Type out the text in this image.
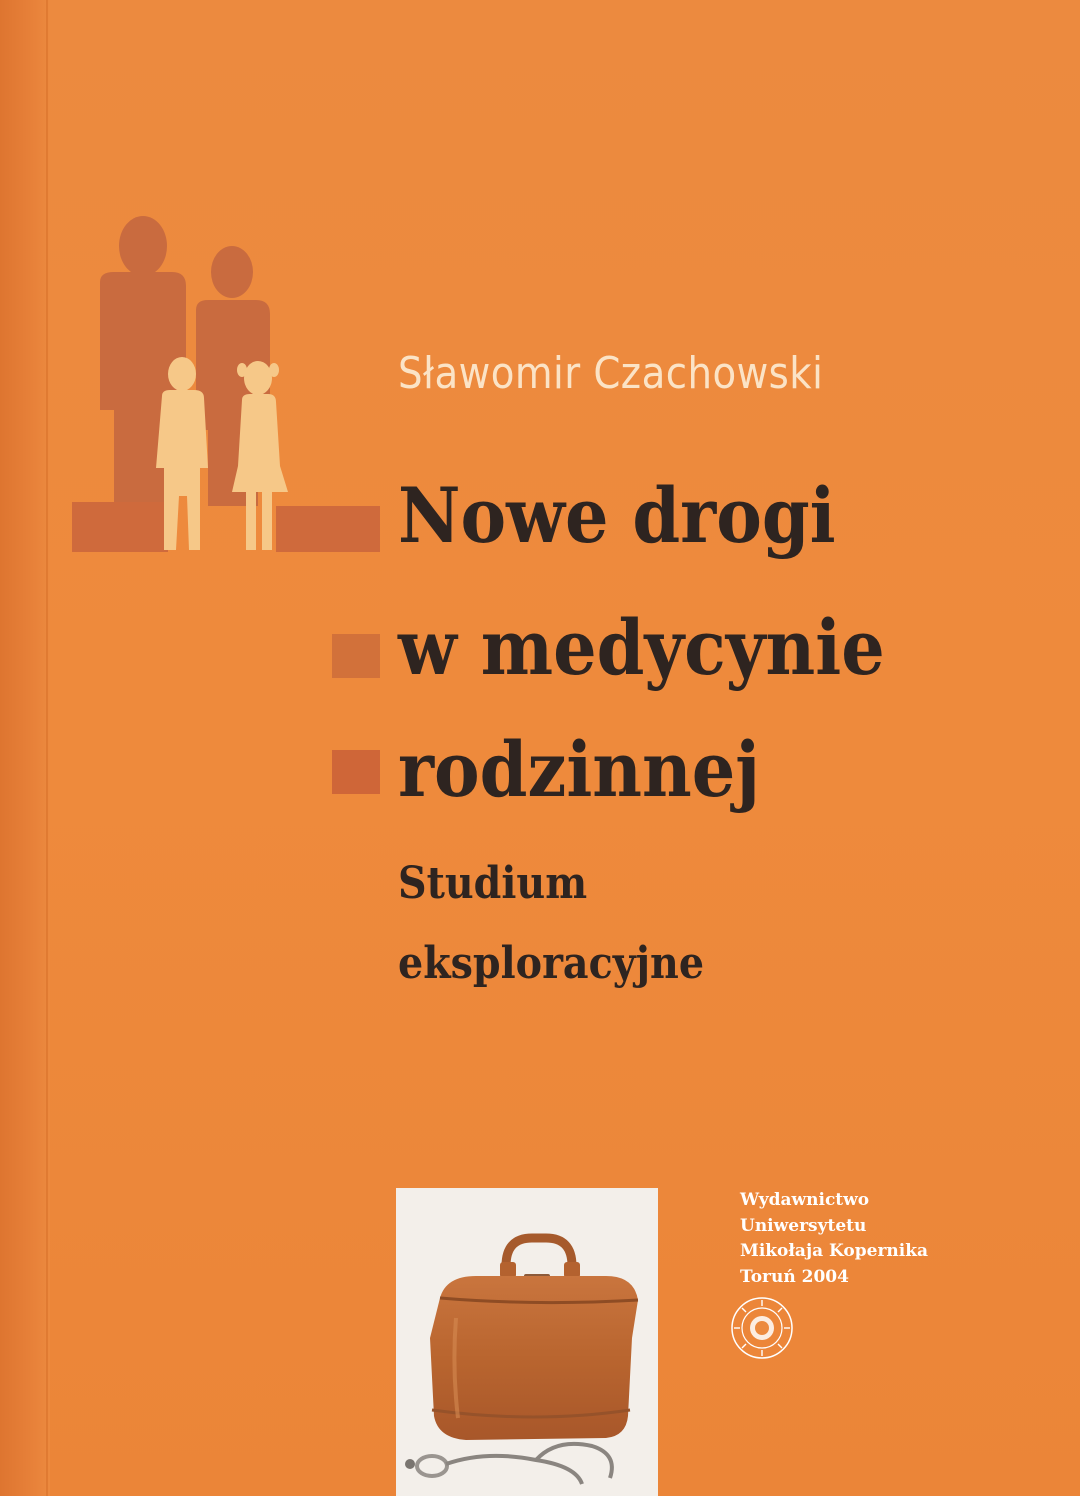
Sławomir Czachowski
Nowe drogi
w medycynie
rodzinnej
Studium
eksploracyjne
Wydawnictwo
Uniwersytetu
Mikołaja Kopernika
Toruń 2004
